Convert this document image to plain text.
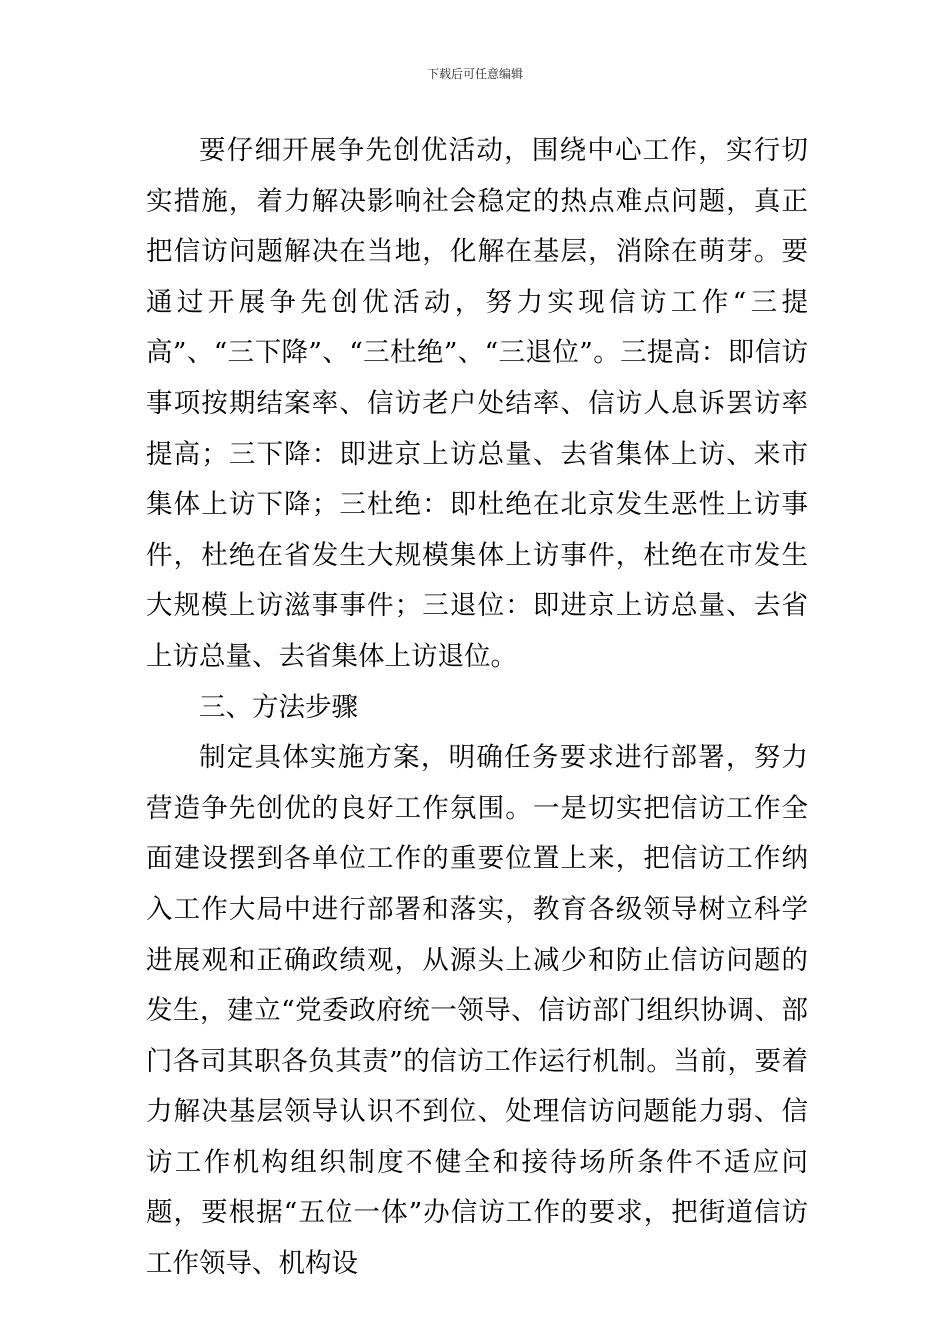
下载后可任意编辑

要仔细开展争先创优活动，围绕中心工作，实行切实措施，着力解决影响社会稳定的热点难点问题，真正把信访问题解决在当地，化解在基层，消除在萌芽。要通过开展争先创优活动，努力实现信访工作“三提高”、“三下降”、“三杜绝”、“三退位”。三提高：即信访事项按期结案率、信访老户处结率、信访人息诉罢访率提高；三下降：即进京上访总量、去省集体上访、来市集体上访下降；三杜绝：即杜绝在北京发生恶性上访事件，杜绝在省发生大规模集体上访事件，杜绝在市发生大规模上访滋事事件；三退位：即进京上访总量、去省上访总量、去省集体上访退位。

三、方法步骤

制定具体实施方案，明确任务要求进行部署，努力营造争先创优的良好工作氛围。一是切实把信访工作全面建设摆到各单位工作的重要位置上来，把信访工作纳入工作大局中进行部署和落实，教育各级领导树立科学进展观和正确政绩观，从源头上减少和防止信访问题的发生，建立“党委政府统一领导、信访部门组织协调、部门各司其职各负其责”的信访工作运行机制。当前，要着力解决基层领导认识不到位、处理信访问题能力弱、信访工作机构组织制度不健全和接待场所条件不适应问题，要根据“五位一体”办信访工作的要求，把街道信访工作领导、机构设
